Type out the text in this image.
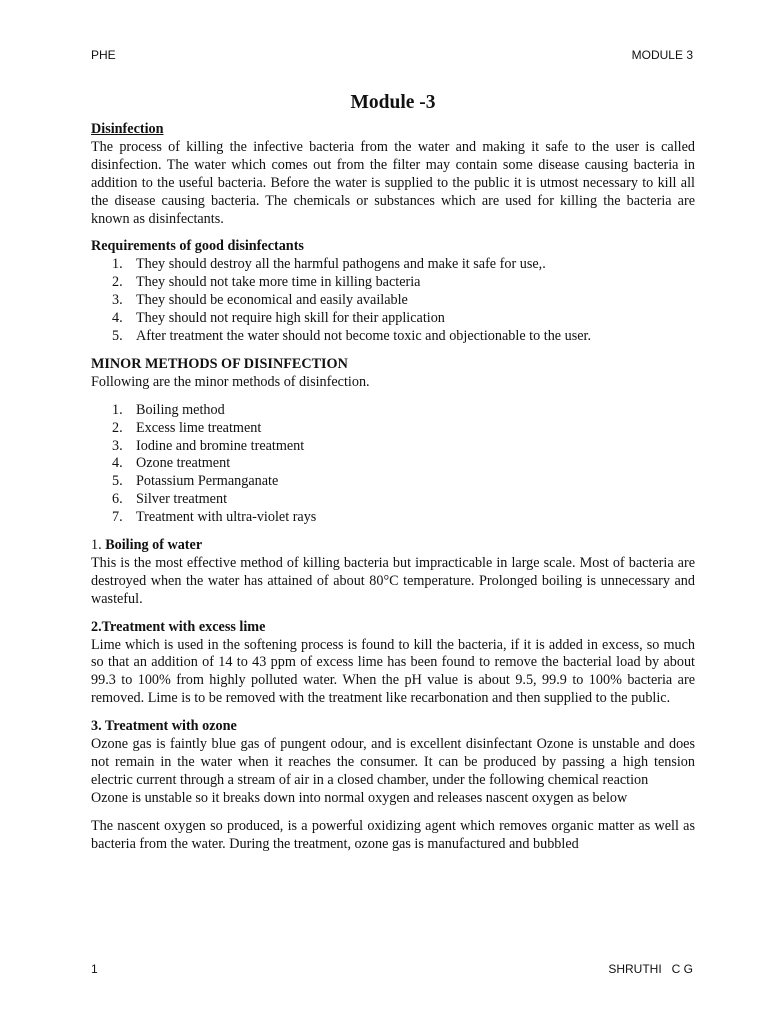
PHE	MODULE 3
Module -3
Disinfection

The process of killing the infective bacteria from the water and making it safe to the user is called disinfection. The water which comes out from the filter may contain some disease causing bacteria in addition to the useful bacteria. Before the water is supplied to the public it is utmost necessary to kill all the disease causing bacteria. The chemicals or substances which are used for killing the bacteria are known as disinfectants.

Requirements of good disinfectants
1. They should destroy all the harmful pathogens and make it safe for use,.
2. They should not take more time in killing bacteria
3. They should be economical and easily available
4. They should not require high skill for their application
5. After treatment the water should not become toxic and objectionable to the user.
MINOR METHODS OF DISINFECTION

Following are the minor methods of disinfection.

1. Boiling method
2. Excess lime treatment
3. Iodine and bromine treatment
4. Ozone treatment
5. Potassium Permanganate
6. Silver treatment
7. Treatment with ultra-violet rays
1. Boiling of water

This is the most effective method of killing bacteria but impracticable in large scale. Most of bacteria are destroyed when the water has attained of about 80°C temperature. Prolonged boiling is unnecessary and wasteful.

2.Treatment with excess lime

Lime which is used in the softening process is found to kill the bacteria, if it is added in excess, so much so that an addition of 14 to 43 ppm of excess lime has been found to remove the bacterial load by about 99.3 to 100% from highly polluted water. When the pH value is about 9.5, 99.9 to 100% bacteria are removed. Lime is to be removed with the treatment like recarbonation and then supplied to the public.

3. Treatment with ozone

Ozone gas is faintly blue gas of pungent odour, and is excellent disinfectant Ozone is unstable and does not remain in the water when it reaches the consumer. It can be produced by passing a high tension electric current through a stream of air in a closed chamber, under the following chemical reaction

Ozone is unstable so it breaks down into normal oxygen and releases nascent oxygen as below

The nascent oxygen so produced, is a powerful oxidizing agent which removes organic matter as well as bacteria from the water. During the treatment, ozone gas is manufactured and bubbled

1	SHRUTHI   C G
